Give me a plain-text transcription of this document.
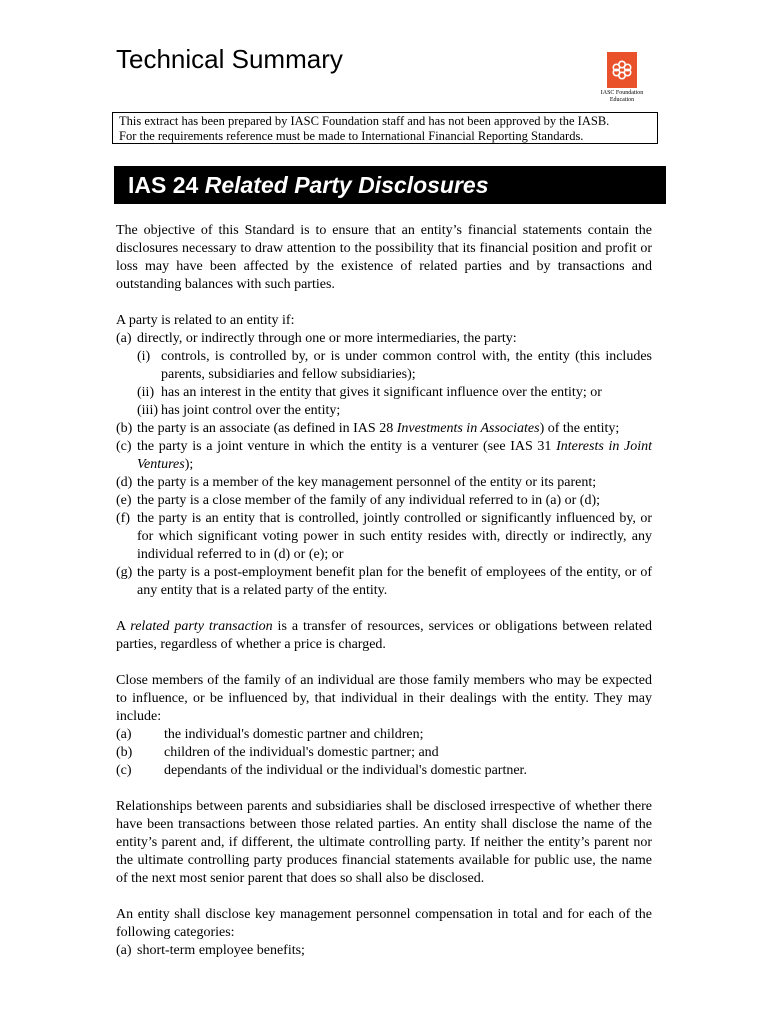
Technical Summary
IASC Foundation Education
This extract has been prepared by IASC Foundation staff and has not been approved by the IASB.
For the requirements reference must be made to International Financial Reporting Standards.
IAS 24 Related Party Disclosures

The objective of this Standard is to ensure that an entity’s financial statements contain the disclosures necessary to draw attention to the possibility that its financial position and profit or loss may have been affected by the existence of related parties and by transactions and outstanding balances with such parties.

A party is related to an entity if:
(a) directly, or indirectly through one or more intermediaries, the party:
(i) controls, is controlled by, or is under common control with, the entity (this includes parents, subsidiaries and fellow subsidiaries);
(ii) has an interest in the entity that gives it significant influence over the entity; or
(iii) has joint control over the entity;
(b) the party is an associate (as defined in IAS 28 Investments in Associates) of the entity;
(c) the party is a joint venture in which the entity is a venturer (see IAS 31 Interests in Joint Ventures);
(d) the party is a member of the key management personnel of the entity or its parent;
(e) the party is a close member of the family of any individual referred to in (a) or (d);
(f) the party is an entity that is controlled, jointly controlled or significantly influenced by, or for which significant voting power in such entity resides with, directly or indirectly, any individual referred to in (d) or (e); or
(g) the party is a post-employment benefit plan for the benefit of employees of the entity, or of any entity that is a related party of the entity.

A related party transaction is a transfer of resources, services or obligations between related parties, regardless of whether a price is charged.

Close members of the family of an individual are those family members who may be expected to influence, or be influenced by, that individual in their dealings with the entity. They may include:
(a)	the individual's domestic partner and children;
(b)	children of the individual's domestic partner; and
(c)	dependants of the individual or the individual's domestic partner.

Relationships between parents and subsidiaries shall be disclosed irrespective of whether there have been transactions between those related parties. An entity shall disclose the name of the entity’s parent and, if different, the ultimate controlling party. If neither the entity’s parent nor the ultimate controlling party produces financial statements available for public use, the name of the next most senior parent that does so shall also be disclosed.

An entity shall disclose key management personnel compensation in total and for each of the following categories:
(a) short-term employee benefits;
